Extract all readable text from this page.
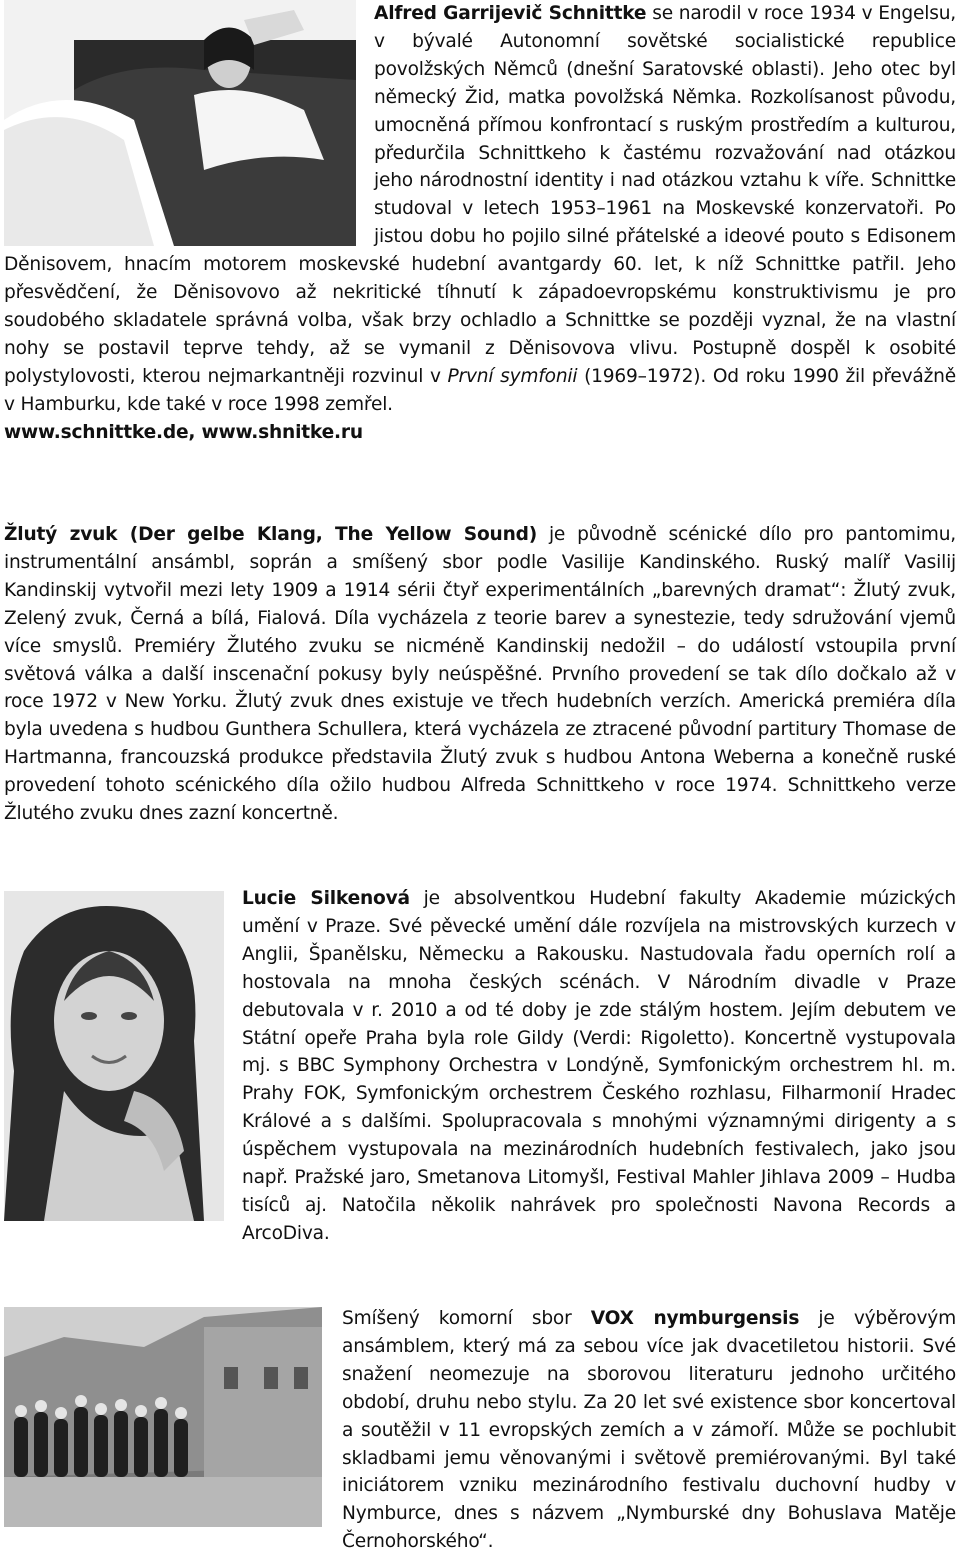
Alfred Garrijevič Schnittke se narodil v roce 1934 v Engelsu, v bývalé Autonomní sovětské socialistické republice povolžských Němců (dnešní Saratovské oblasti). Jeho otec byl německý Žid, matka povolžská Němka. Rozkolísanost původu, umocněná přímou konfrontací s ruským prostředím a kulturou, předurčila Schnittkeho k častému rozvažování nad otázkou jeho národnostní identity i nad otázkou vztahu k víře. Schnittke studoval v letech 1953–1961 na Moskevské konzervatoři. Po jistou dobu ho pojilo silné přátelské a ideové pouto s Edisonem Děnisovem, hnacím motorem moskevské hudební avantgardy 60. let, k níž Schnittke patřil. Jeho přesvědčení, že Děnisovovo až nekritické tíhnutí k západoevropskému konstruktivismu je pro soudobého skladatele správná volba, však brzy ochladlo a Schnittke se později vyznal, že na vlastní nohy se postavil teprve tehdy, až se vymanil z Děnisovova vlivu. Postupně dospěl k osobité polystylovosti, kterou nejmarkantněji rozvinul v První symfonii (1969–1972). Od roku 1990 žil převážně v Hamburku, kde také v roce 1998 zemřel.

www.schnittke.de, www.shnitke.ru

Žlutý zvuk (Der gelbe Klang, The Yellow Sound) je původně scénické dílo pro pantomimu, instrumentální ansámbl, soprán a smíšený sbor podle Vasilije Kandinského. Ruský malíř Vasilij Kandinskij vytvořil mezi lety 1909 a 1914 sérii čtyř experimentálních „barevných dramat“: Žlutý zvuk, Zelený zvuk, Černá a bílá, Fialová. Díla vycházela z teorie barev a synestezie, tedy sdružování vjemů více smyslů. Premiéry Žlutého zvuku se nicméně Kandinskij nedožil – do událostí vstoupila první světová válka a další inscenační pokusy byly neúspěšné. Prvního provedení se tak dílo dočkalo až v roce 1972 v New Yorku. Žlutý zvuk dnes existuje ve třech hudebních verzích. Americká premiéra díla byla uvedena s hudbou Gunthera Schullera, která vycházela ze ztracené původní partitury Thomase de Hartmanna, francouzská produkce představila Žlutý zvuk s hudbou Antona Weberna a konečně ruské provedení tohoto scénického díla ožilo hudbou Alfreda Schnittkeho v roce 1974. Schnittkeho verze Žlutého zvuku dnes zazní koncertně.

Lucie Silkenová je absolventkou Hudební fakulty Akademie múzických umění v Praze. Své pěvecké umění dále rozvíjela na mistrovských kurzech v Anglii, Španělsku, Německu a Rakousku. Nastudovala řadu operních rolí a hostovala na mnoha českých scénách. V Národním divadle v Praze debutovala v r. 2010 a od té doby je zde stálým hostem. Jejím debutem ve Státní opeře Praha byla role Gildy (Verdi: Rigoletto). Koncertně vystupovala mj. s BBC Symphony Orchestra v Londýně, Symfonickým orchestrem hl. m. Prahy FOK, Symfonickým orchestrem Českého rozhlasu, Filharmonií Hradec Králové a s dalšími. Spolupracovala s mnohými významnými dirigenty a s úspěchem vystupovala na mezinárodních hudebních festivalech, jako jsou např. Pražské jaro, Smetanova Litomyšl, Festival Mahler Jihlava 2009 – Hudba tisíců aj. Natočila několik nahrávek pro společnosti Navona Records a ArcoDiva.

Smíšený komorní sbor VOX nymburgensis je výběrovým ansámblem, který má za sebou více jak dvacetiletou historii. Své snažení neomezuje na sborovou literaturu jednoho určitého období, druhu nebo stylu. Za 20 let své existence sbor koncertoval a soutěžil v 11 evropských zemích a v zámoří. Může se pochlubit skladbami jemu věnovanými i světově premiérovanými. Byl také iniciátorem vzniku mezinárodního festivalu duchovní hudby v Nymburce, dnes s názvem „Nymburské dny Bohuslava Matěje Černohorského“.
